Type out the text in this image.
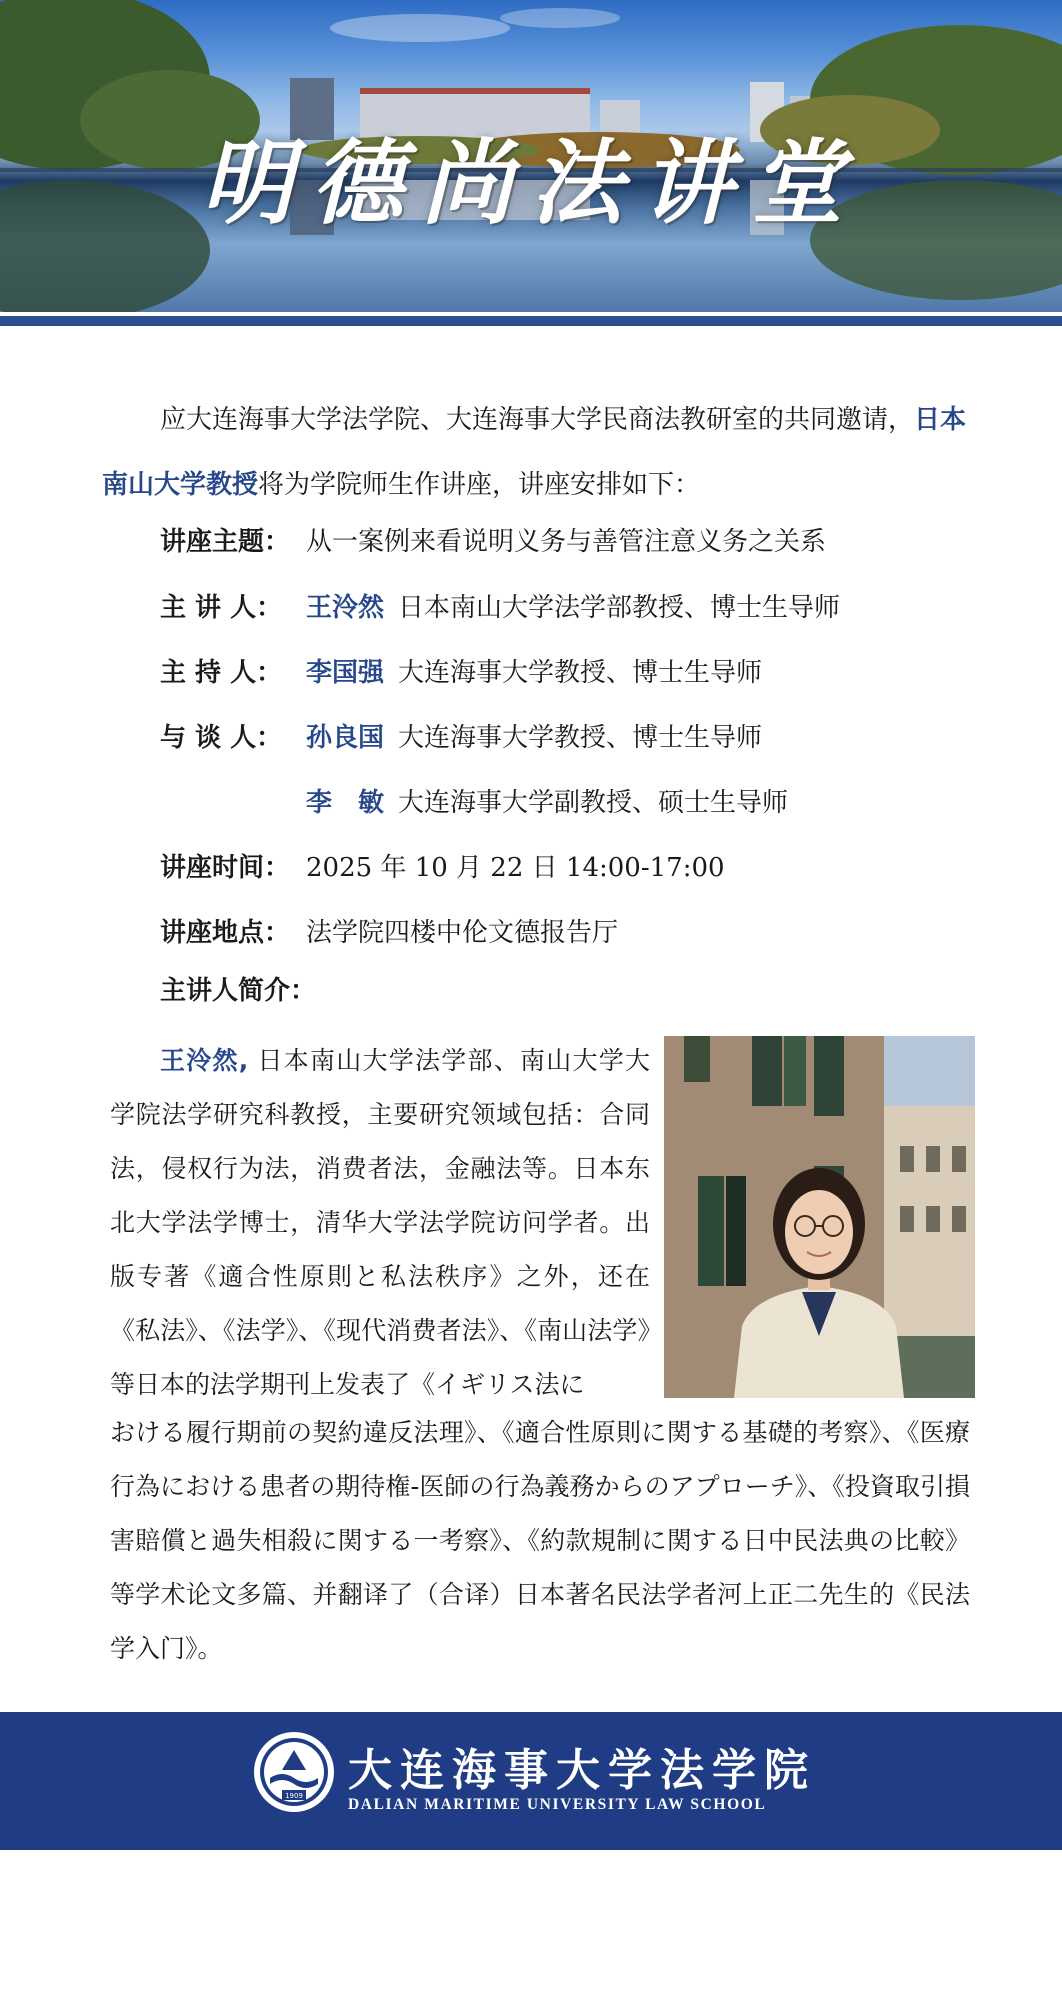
明德尚法讲堂

应大连海事大学法学院、大连海事大学民商法教研室的共同邀请，日本南山大学教授将为学院师生作讲座，讲座安排如下：

讲座主题： 从一案例来看说明义务与善管注意义务之关系
主 讲 人： 王泠然 日本南山大学法学部教授、博士生导师
主 持 人： 李国强 大连海事大学教授、博士生导师
与 谈 人： 孙良国 大连海事大学教授、博士生导师
李　敏 大连海事大学副教授、硕士生导师
讲座时间： 2025 年 10 月 22 日 14:00-17:00
讲座地点： 法学院四楼中伦文德报告厅
主讲人简介：

王泠然, 日本南山大学法学部、南山大学大学院法学研究科教授，主要研究领域包括：合同法，侵权行为法，消费者法，金融法等。日本东北大学法学博士，清华大学法学院访问学者。出版专著《適合性原則と私法秩序》之外，还在《私法》、《法学》、《现代消费者法》、《南山法学》等日本的法学期刊上发表了《イギリス法に

おける履行期前の契約違反法理》、《適合性原則に関する基礎的考察》、《医療行為における患者の期待権-医師の行為義務からのアプローチ》、《投資取引損害賠償と過失相殺に関する一考察》、《約款規制に関する日中民法典の比較》等学术论文多篇、并翻译了（合译）日本著名民法学者河上正二先生的《民法学入门》。

1909 大连海事大学法学院
DALIAN MARITIME UNIVERSITY LAW SCHOOL
